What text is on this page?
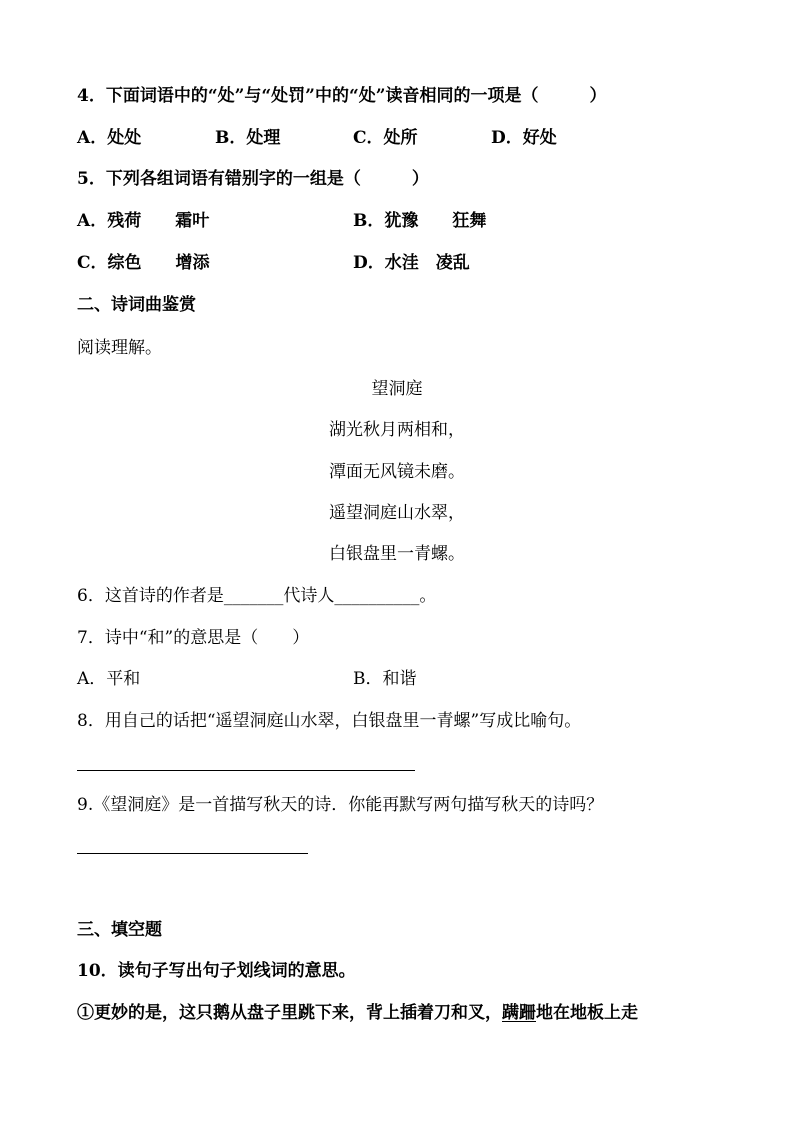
4．下面词语中的“处”与“处罚”中的“处”读音相同的一项是（　　　）
A．处处	B．处理	C．处所	D．好处
5．下列各组词语有错别字的一组是（　　　）
A．残荷　　霜叶	B．犹豫　　狂舞
C．综色　　增添	D．水洼　凌乱
二、诗词曲鉴赏
阅读理解。
望洞庭
湖光秋月两相和，
潭面无风镜未磨。
遥望洞庭山水翠，
白银盘里一青螺。
6．这首诗的作者是_______代诗人__________。
7．诗中“和”的意思是（　　）
A．平和	B．和谐
8．用自己的话把“遥望洞庭山水翠，白银盘里一青螺”写成比喻句。
9.《望洞庭》是一首描写秋天的诗．你能再默写两句描写秋天的诗吗？
三、填空题
10．读句子写出句子划线词的意思。
①更妙的是，这只鹅从盘子里跳下来，背上插着刀和叉，蹒跚地在地板上走
